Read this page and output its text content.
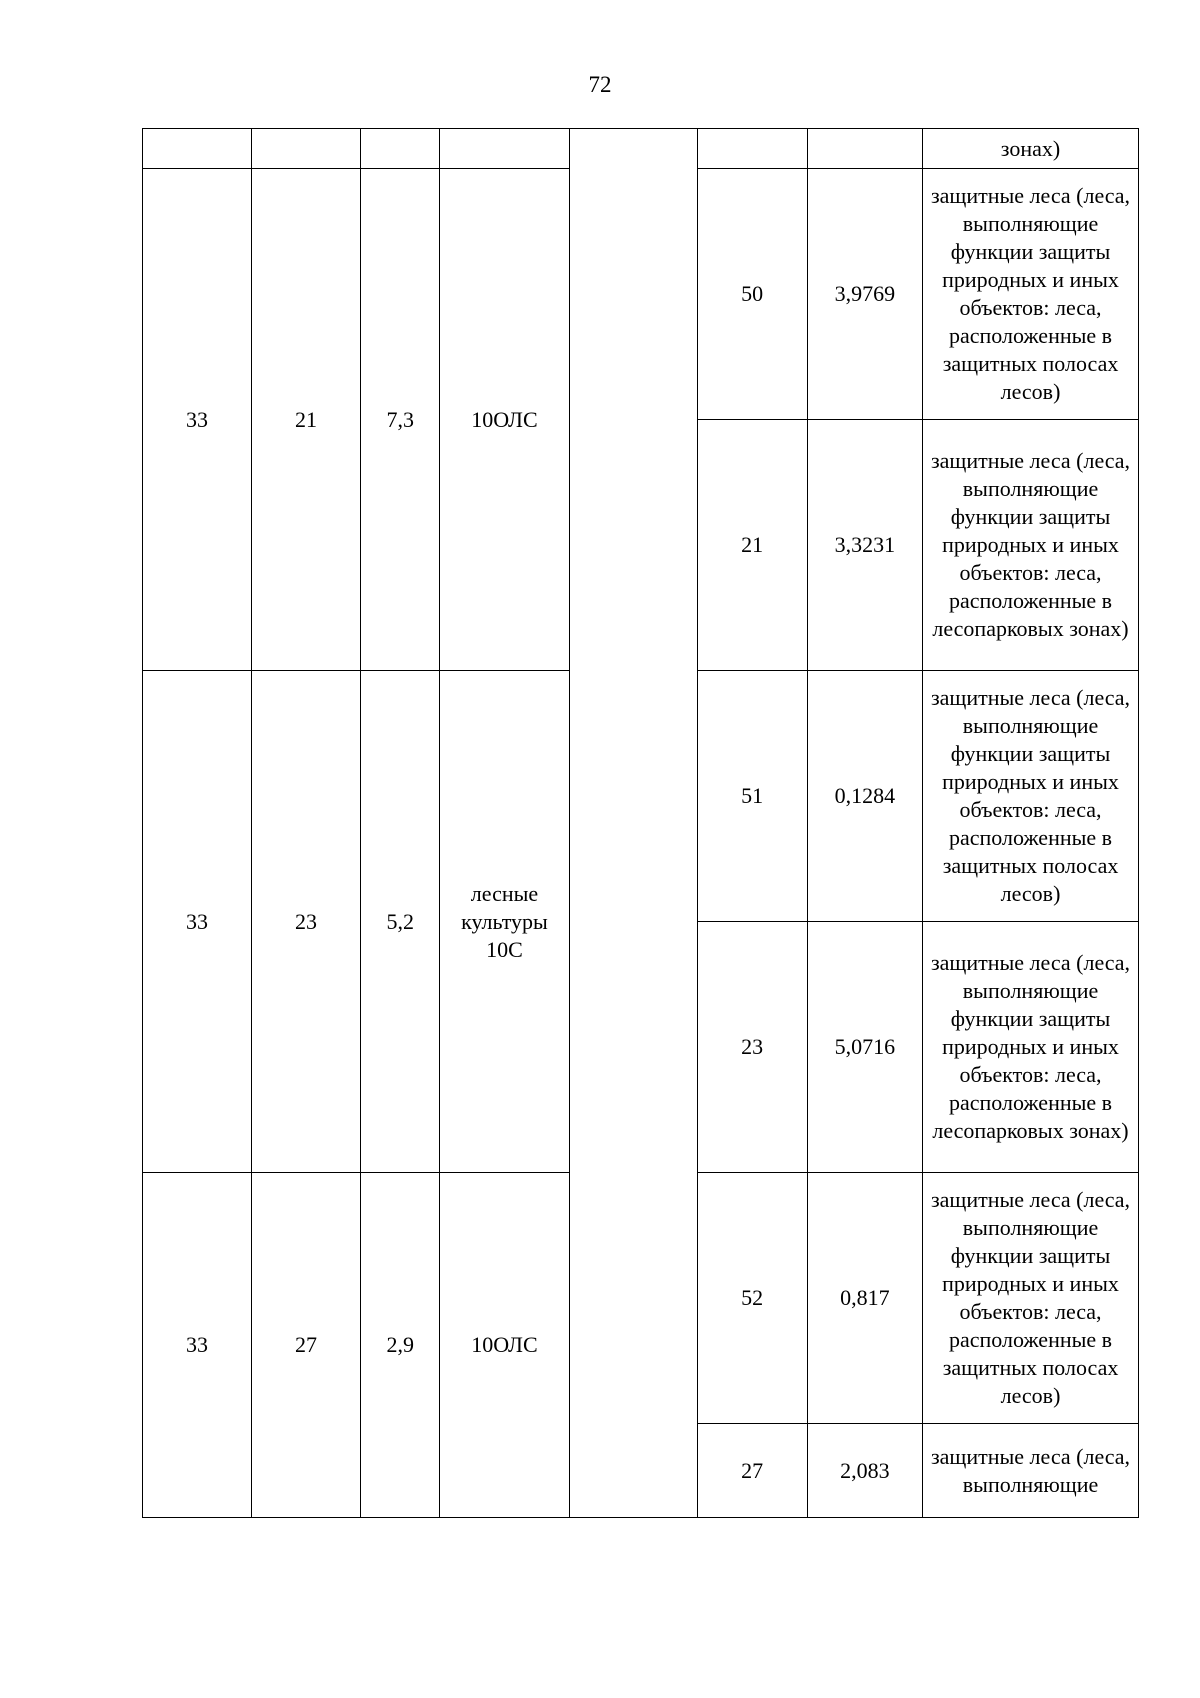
72
							зонах)
33	21	7,3	10ОЛС		50	3,9769	защитные леса (леса, выполняющие функции защиты природных и иных объектов: леса, расположенные в защитных полосах лесов)
					21	3,3231	защитные леса (леса, выполняющие функции защиты природных и иных объектов: леса, расположенные в лесопарковых зонах)
33	23	5,2	лесные культуры 10С		51	0,1284	защитные леса (леса, выполняющие функции защиты природных и иных объектов: леса, расположенные в защитных полосах лесов)
					23	5,0716	защитные леса (леса, выполняющие функции защиты природных и иных объектов: леса, расположенные в лесопарковых зонах)
33	27	2,9	10ОЛС		52	0,817	защитные леса (леса, выполняющие функции защиты природных и иных объектов: леса, расположенные в защитных полосах лесов)
					27	2,083	защитные леса (леса, выполняющие
